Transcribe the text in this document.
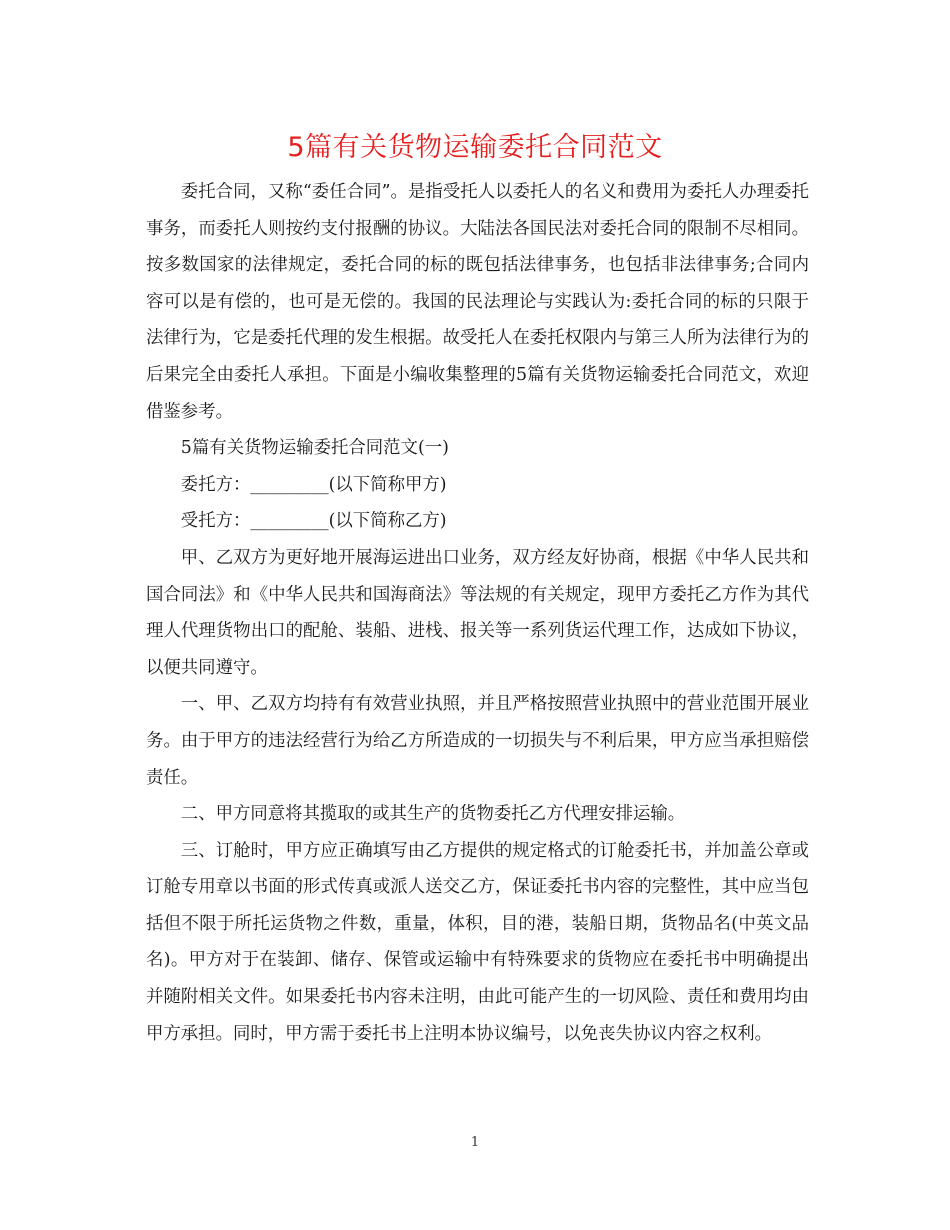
5篇有关货物运输委托合同范文

委托合同，又称“委任合同”。是指受托人以委托人的名义和费用为委托人办理委托事务，而委托人则按约支付报酬的协议。大陆法各国民法对委托合同的限制不尽相同。按多数国家的法律规定，委托合同的标的既包括法律事务，也包括非法律事务;合同内容可以是有偿的，也可是无偿的。我国的民法理论与实践认为:委托合同的标的只限于法律行为，它是委托代理的发生根据。故受托人在委托权限内与第三人所为法律行为的后果完全由委托人承担。下面是小编收集整理的5篇有关货物运输委托合同范文，欢迎借鉴参考。

5篇有关货物运输委托合同范文(一)

委托方：_________(以下简称甲方)

受托方：_________(以下简称乙方)

甲、乙双方为更好地开展海运进出口业务，双方经友好协商，根据《中华人民共和国合同法》和《中华人民共和国海商法》等法规的有关规定，现甲方委托乙方作为其代理人代理货物出口的配舱、装船、进栈、报关等一系列货运代理工作，达成如下协议，以便共同遵守。

一、甲、乙双方均持有有效营业执照，并且严格按照营业执照中的营业范围开展业务。由于甲方的违法经营行为给乙方所造成的一切损失与不利后果，甲方应当承担赔偿责任。

二、甲方同意将其揽取的或其生产的货物委托乙方代理安排运输。

三、订舱时，甲方应正确填写由乙方提供的规定格式的订舱委托书，并加盖公章或订舱专用章以书面的形式传真或派人送交乙方，保证委托书内容的完整性，其中应当包括但不限于所托运货物之件数，重量，体积，目的港，装船日期，货物品名(中英文品名)。甲方对于在装卸、储存、保管或运输中有特殊要求的货物应在委托书中明确提出并随附相关文件。如果委托书内容未注明，由此可能产生的一切风险、责任和费用均由甲方承担。同时，甲方需于委托书上注明本协议编号，以免丧失协议内容之权利。

1
